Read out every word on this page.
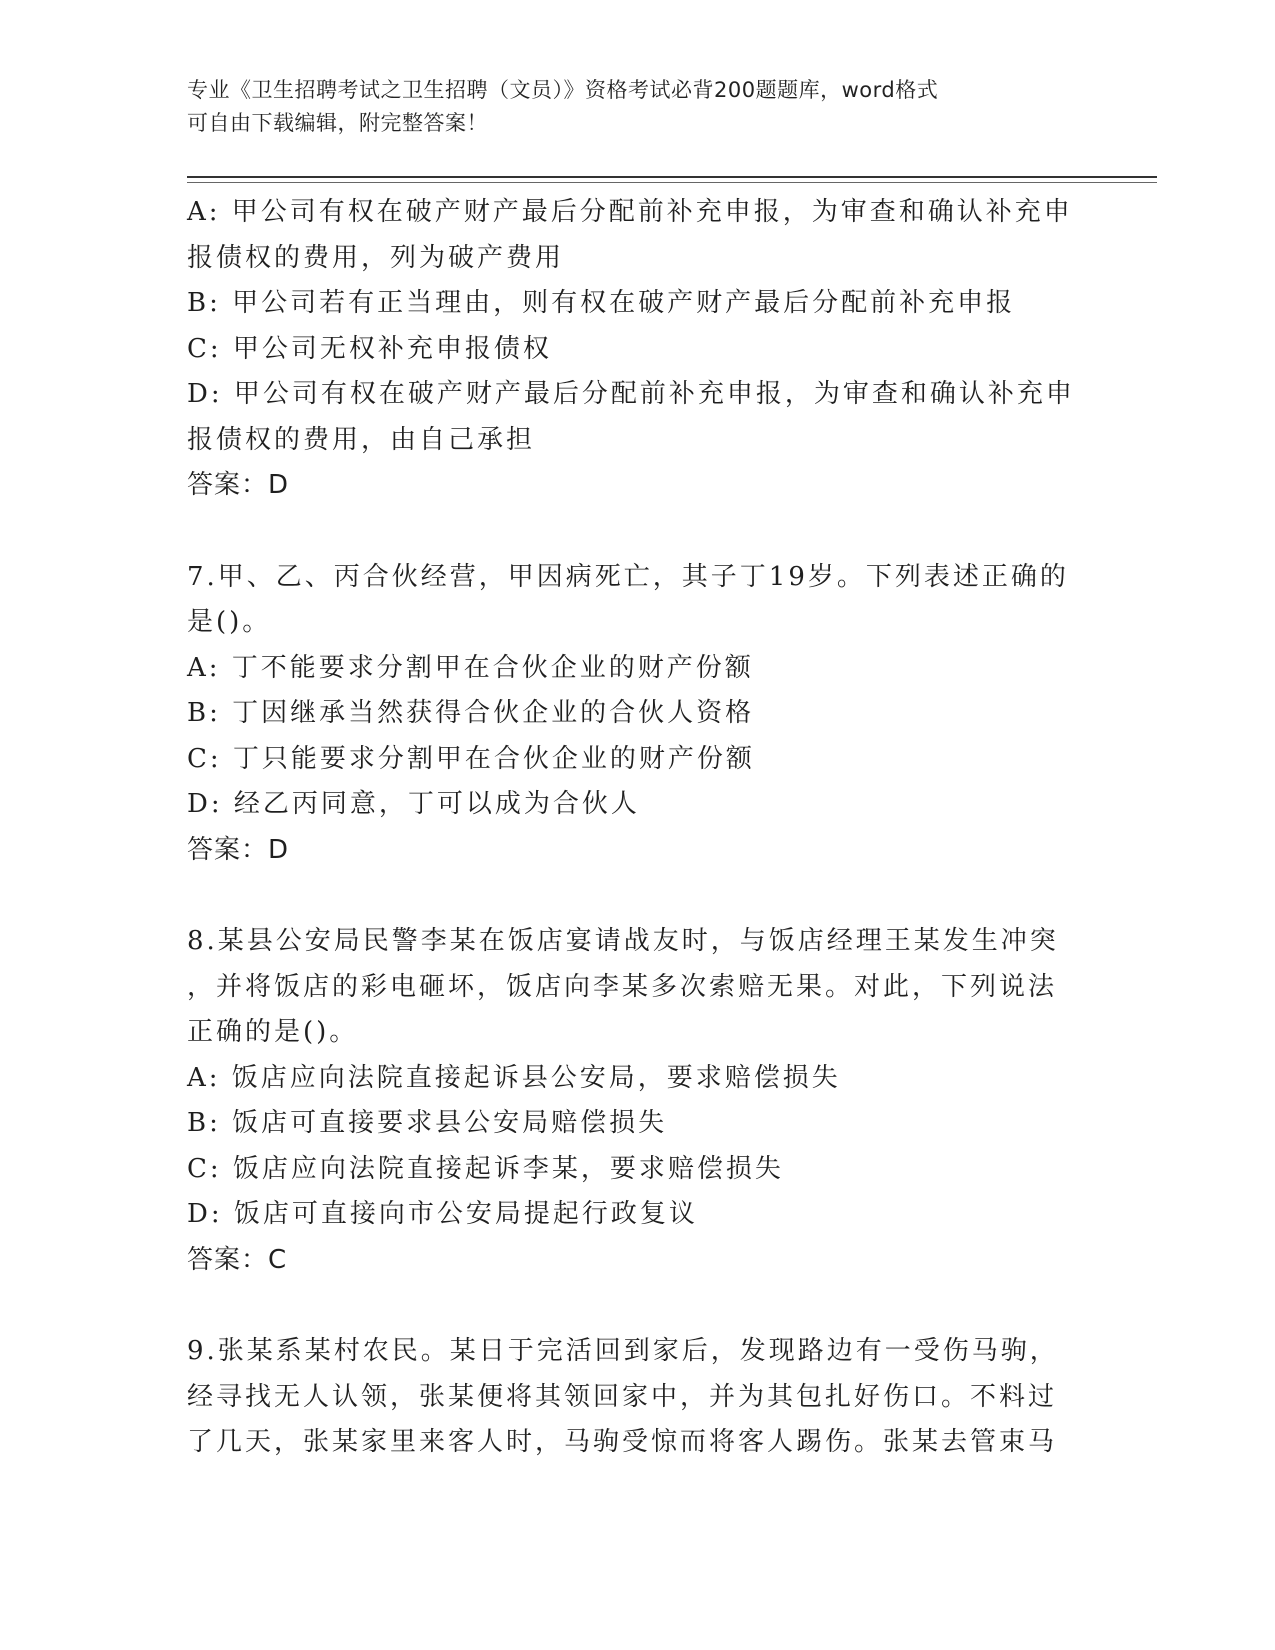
专业《卫生招聘考试之卫生招聘（文员）》资格考试必背200题题库，word格式
可自由下载编辑，附完整答案！

A: 甲公司有权在破产财产最后分配前补充申报，为审查和确认补充申

报债权的费用，列为破产费用

B: 甲公司若有正当理由，则有权在破产财产最后分配前补充申报

C: 甲公司无权补充申报债权

D: 甲公司有权在破产财产最后分配前补充申报，为审查和确认补充申

报债权的费用，由自己承担

答案：D

7.甲、乙、丙合伙经营，甲因病死亡，其子丁19岁。下列表述正确的

是()。

A: 丁不能要求分割甲在合伙企业的财产份额

B: 丁因继承当然获得合伙企业的合伙人资格

C: 丁只能要求分割甲在合伙企业的财产份额

D: 经乙丙同意，丁可以成为合伙人

答案：D

8.某县公安局民警李某在饭店宴请战友时，与饭店经理王某发生冲突

，并将饭店的彩电砸坏，饭店向李某多次索赔无果。对此，下列说法

正确的是()。

A: 饭店应向法院直接起诉县公安局，要求赔偿损失

B: 饭店可直接要求县公安局赔偿损失

C: 饭店应向法院直接起诉李某，要求赔偿损失

D: 饭店可直接向市公安局提起行政复议

答案：C

9.张某系某村农民。某日于完活回到家后，发现路边有一受伤马驹，

经寻找无人认领，张某便将其领回家中，并为其包扎好伤口。不料过

了几天，张某家里来客人时，马驹受惊而将客人踢伤。张某去管束马
